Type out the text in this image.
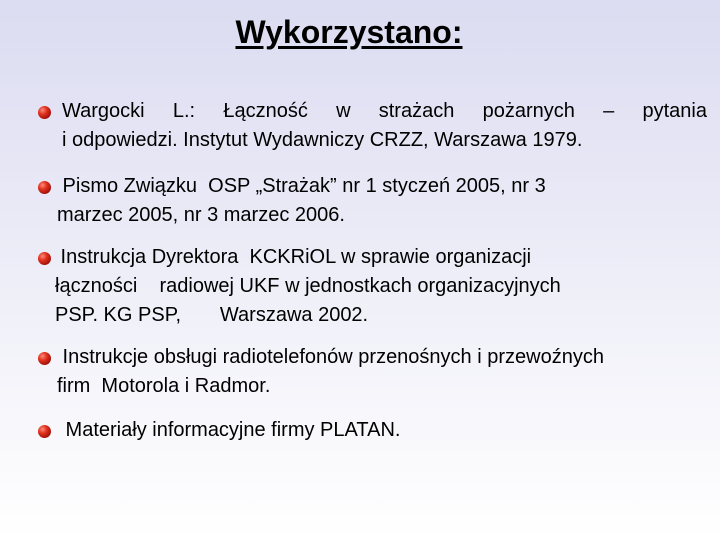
Wykorzystano:
Wargocki L.: Łączność w strażach pożarnych – pytania
i odpowiedzi. Instytut Wydawniczy CRZZ, Warszawa 1979.
Pismo Związku  OSP „Strażak” nr 1 styczeń 2005, nr 3
marzec 2005, nr 3 marzec 2006.
Instrukcja Dyrektora  KCKRiOL w sprawie organizacji
łączności    radiowej UKF w jednostkach organizacyjnych
PSP. KG PSP,       Warszawa 2002.
Instrukcje obsługi radiotelefonów przenośnych i przewoźnych
firm  Motorola i Radmor.
Materiały informacyjne firmy PLATAN.
